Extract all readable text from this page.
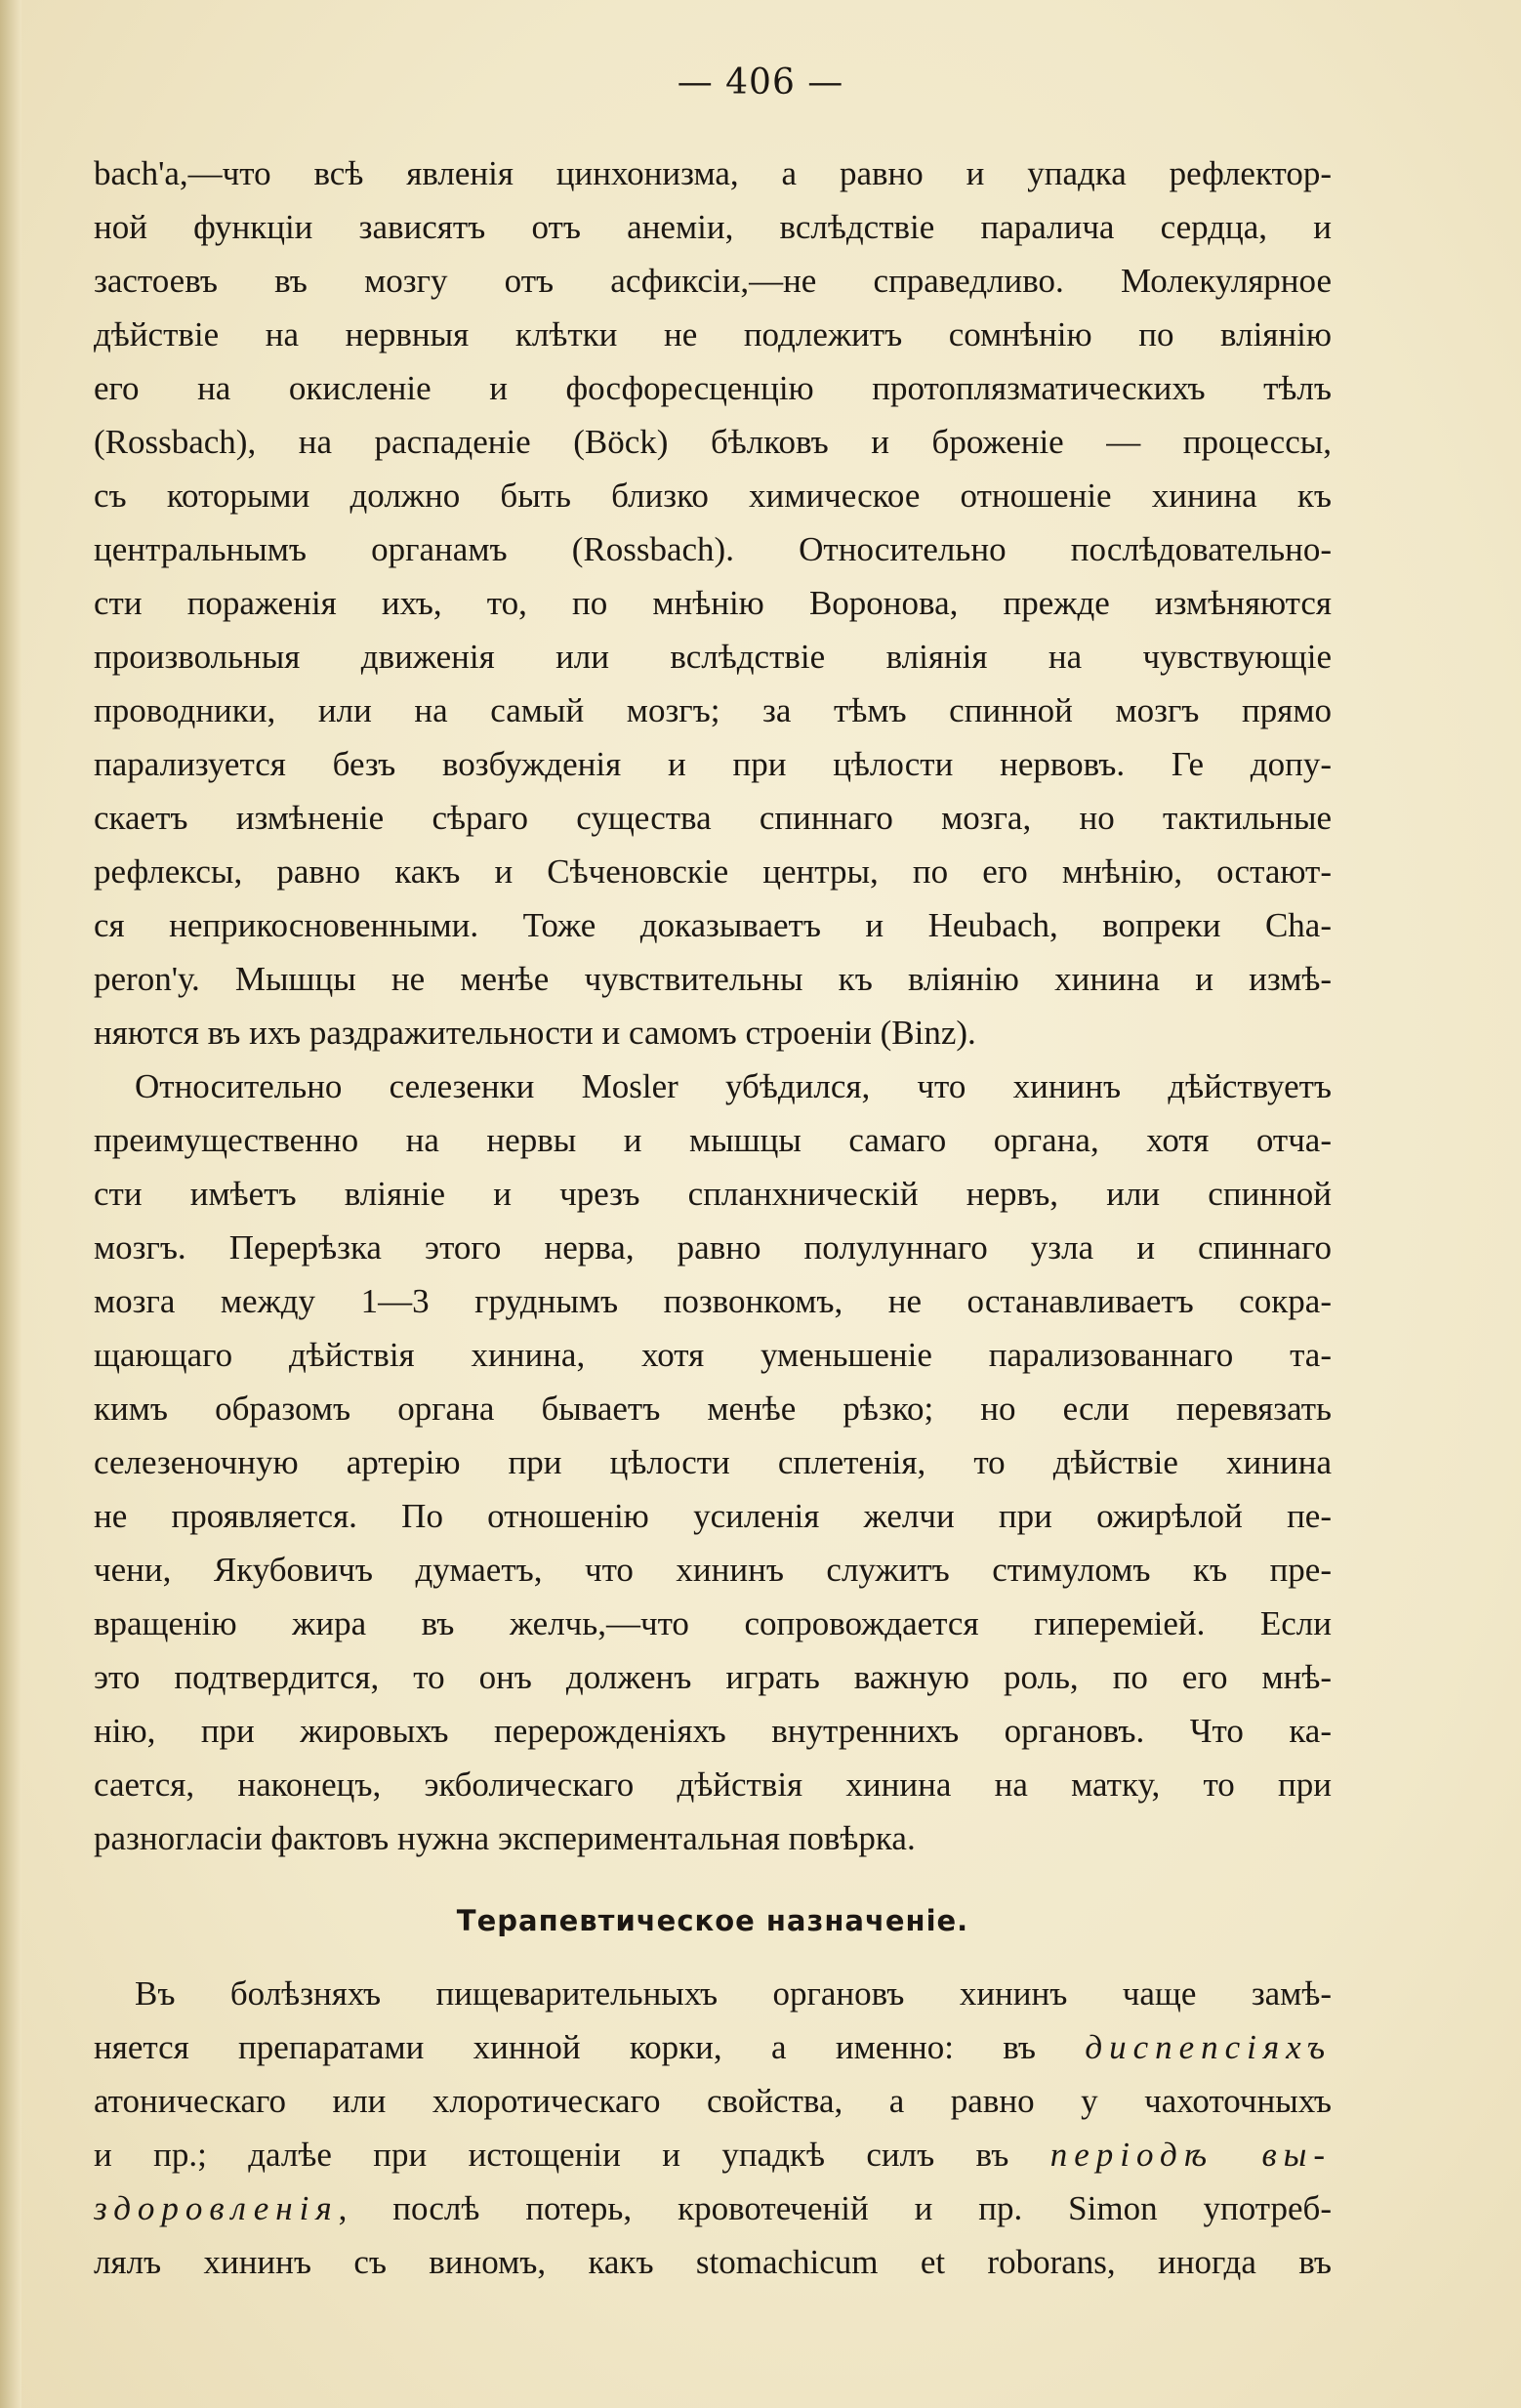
— 406 —
bach'a,—что всѣ явленія цинхонизма, а равно и упадка рефлектор-
ной функціи зависятъ отъ анеміи, вслѣдствіе паралича сердца, и
застоевъ въ мозгу отъ асфиксіи,—не справедливо. Молекулярное
дѣйствіе на нервныя клѣтки не подлежитъ сомнѣнію по вліянію
его на окисленіе и фосфоресценцію протоплязматическихъ тѣлъ
(Rossbach), на распаденіе (Böck) бѣлковъ и броженіе — процессы,
съ которыми должно быть близко химическое отношеніе хинина къ
центральнымъ органамъ (Rossbach). Относительно послѣдовательно-
сти пораженія ихъ, то, по мнѣнію Воронова, прежде измѣняются
произвольныя движенія или вслѣдствіе вліянія на чувствующіе
проводники, или на самый мозгъ; за тѣмъ спинной мозгъ прямо
парализуется безъ возбужденія и при цѣлости нервовъ. Ге допу-
скаетъ измѣненіе сѣраго существа спиннаго мозга, но тактильные
рефлексы, равно какъ и Сѣченовскіе центры, по его мнѣнію, остают-
ся неприкосновенными. Тоже доказываетъ и Heubach, вопреки Cha-
peron'у. Мышцы не менѣе чувствительны къ вліянію хинина и измѣ-
няются въ ихъ раздражительности и самомъ строеніи (Binz).
Относительно селезенки Mosler убѣдился, что хининъ дѣйствуетъ
преимущественно на нервы и мышцы самаго органа, хотя отча-
сти имѣетъ вліяніе и чрезъ спланхническій нервъ, или спинной
мозгъ. Перерѣзка этого нерва, равно полулуннаго узла и спиннаго
мозга между 1—3 груднымъ позвонкомъ, не останавливаетъ сокра-
щающаго дѣйствія хинина, хотя уменьшеніе парализованнаго та-
кимъ образомъ органа бываетъ менѣе рѣзко; но если перевязать
селезеночную артерію при цѣлости сплетенія, то дѣйствіе хинина
не проявляется. По отношенію усиленія желчи при ожирѣлой пе-
чени, Якубовичъ думаетъ, что хининъ служитъ стимуломъ къ пре-
вращенію жира въ желчь,—что сопровождается гипереміей. Если
это подтвердится, то онъ долженъ играть важную роль, по его мнѣ-
нію, при жировыхъ перерожденіяхъ внутреннихъ органовъ. Что ка-
сается, наконецъ, экболическаго дѣйствія хинина на матку, то при
разногласіи фактовъ нужна экспериментальная повѣрка.
Терапевтическое назначеніе.
Въ болѣзняхъ пищеварительныхъ органовъ хининъ чаще замѣ-
няется препаратами хинной корки, а именно: въ диспепсіяхъ
атоническаго или хлоротическаго свойства, а равно у чахоточныхъ
и пр.; далѣе при истощеніи и упадкѣ силъ въ періодѣ вы-
здоровленія, послѣ потерь, кровотеченій и пр. Simon употреб-
лялъ хининъ съ виномъ, какъ stomachicum et roborans, иногда въ
